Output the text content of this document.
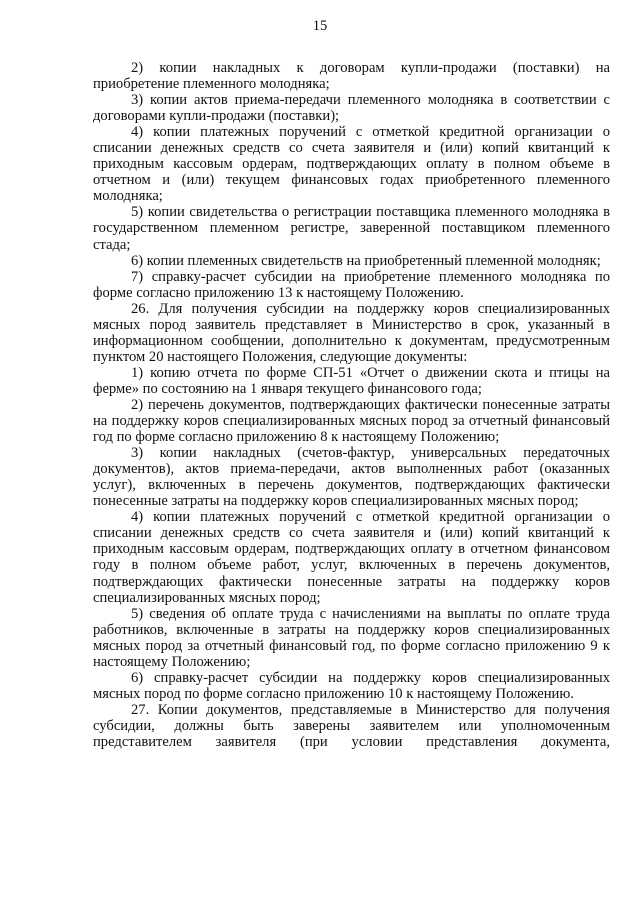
15

2) копии накладных к договорам купли-продажи (поставки) на приобретение племенного молодняка;

3) копии актов приема-передачи племенного молодняка в соответствии с договорами купли-продажи (поставки);

4) копии платежных поручений с отметкой кредитной организации о списании денежных средств со счета заявителя и (или) копий квитанций к приходным кассовым ордерам, подтверждающих оплату в полном объеме в отчетном и (или) текущем финансовых годах приобретенного племенного молодняка;

5) копии свидетельства о регистрации поставщика племенного молодняка в государственном племенном регистре, заверенной поставщиком племенного стада;

6) копии племенных свидетельств на приобретенный племенной молодняк;

7) справку-расчет субсидии на приобретение племенного молодняка по форме согласно приложению 13 к настоящему Положению.

26. Для получения субсидии на поддержку коров специализированных мясных пород заявитель представляет в Министерство в срок, указанный в информационном сообщении, дополнительно к документам, предусмотренным пунктом 20 настоящего Положения, следующие документы:

1) копию отчета по форме СП-51 «Отчет о движении скота и птицы на ферме» по состоянию на 1 января текущего финансового года;

2) перечень документов, подтверждающих фактически понесенные затраты на поддержку коров специализированных мясных пород за отчетный финансовый год по форме согласно приложению 8 к настоящему Положению;

3) копии накладных (счетов-фактур, универсальных передаточных документов), актов приема-передачи, актов выполненных работ (оказанных услуг), включенных в перечень документов, подтверждающих фактически понесенные затраты на поддержку коров специализированных мясных пород;

4) копии платежных поручений с отметкой кредитной организации о списании денежных средств со счета заявителя и (или) копий квитанций к приходным кассовым ордерам, подтверждающих оплату в отчетном финансовом году в полном объеме работ, услуг, включенных в перечень документов, подтверждающих фактически понесенные затраты на поддержку коров специализированных мясных пород;

5) сведения об оплате труда с начислениями на выплаты по оплате труда работников, включенные в затраты на поддержку коров специализированных мясных пород за отчетный финансовый год, по форме согласно приложению 9 к настоящему Положению;

6) справку-расчет субсидии на поддержку коров специализированных мясных пород по форме согласно приложению 10 к настоящему Положению.

27. Копии документов, представляемые в Министерство для получения субсидии, должны быть заверены заявителем или уполномоченным представителем заявителя (при условии представления документа,
